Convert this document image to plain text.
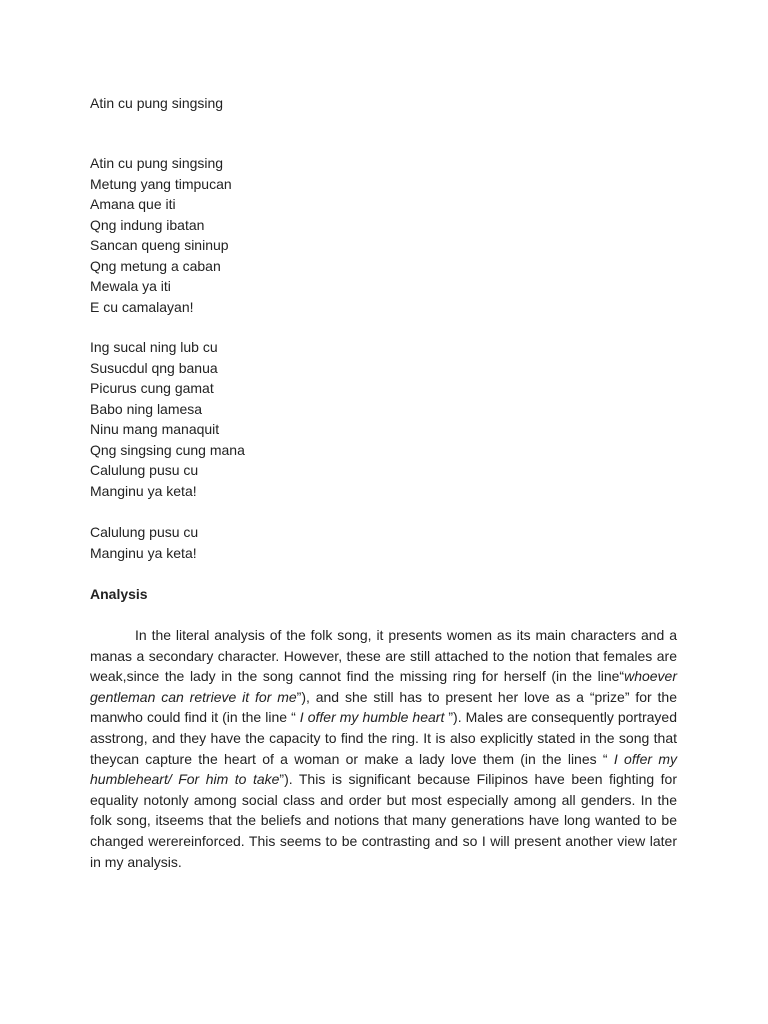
Atin cu pung singsing
Atin cu pung singsing
Metung yang timpucan
Amana que iti
Qng indung ibatan
Sancan queng sininup
Qng metung a caban
Mewala ya iti
E cu camalayan!
Ing sucal ning lub cu
Susucdul qng banua
Picurus cung gamat
Babo ning lamesa
Ninu mang manaquit
Qng singsing cung mana
Calulung pusu cu
Manginu ya keta!
Calulung pusu cu
Manginu ya keta!
Analysis

In the literal analysis of the folk song, it presents women as its main characters and a manas a secondary character. However, these are still attached to the notion that females are weak,since the lady in the song cannot find the missing ring for herself (in the line“whoever gentleman can retrieve it for me”), and she still has to present her love as a “prize” for the manwho could find it (in the line “ I offer my humble heart ”). Males are consequently portrayed asstrong, and they have the capacity to find the ring. It is also explicitly stated in the song that theycan capture the heart of a woman or make a lady love them (in the lines “ I offer my humbleheart/ For him to take”). This is significant because Filipinos have been fighting for equality notonly among social class and order but most especially among all genders. In the folk song, itseems that the beliefs and notions that many generations have long wanted to be changed werereinforced. This seems to be contrasting and so I will present another view later in my analysis.
